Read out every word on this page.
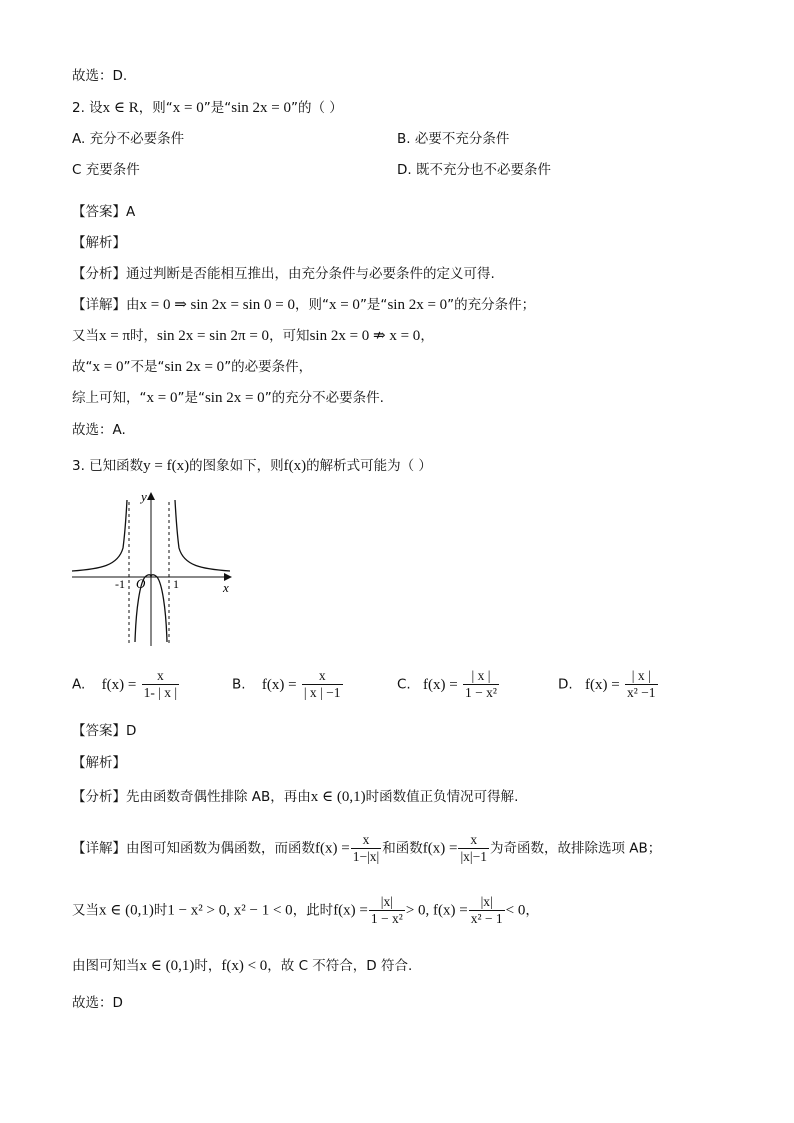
故选：D.
2. 设x ∈ R，则“x = 0”是“sin 2x = 0”的（ ）
A. 充分不必要条件	B. 必要不充分条件
C 充要条件	D. 既不充分也不必要条件
【答案】A
【解析】
【分析】通过判断是否能相互推出，由充分条件与必要条件的定义可得.
【详解】由x = 0 ⇒ sin 2x = sin 0 = 0，则“x = 0”是“sin 2x = 0”的充分条件；
又当x = π时，sin 2x = sin 2π = 0，可知sin 2x = 0 ⇏ x = 0，
故“x = 0”不是“sin 2x = 0”的必要条件，
综上可知，“x = 0”是“sin 2x = 0”的充分不必要条件.
故选：A.
3. 已知函数y = f(x)的图象如下，则f(x)的解析式可能为（ ）
y
x
O
-1	1
A. $f(x) = \frac{x}{1- | x |}$	B. $f(x) = \frac{x}{| x | -1}$	C. $f(x) = \frac{| x |}{\text{1 − x²}}$	D. $f(x) = \frac{| x |}{\text{x² −1}}$
【答案】D
【解析】
【分析】先由函数奇偶性排除 AB，再由x ∈ (0,1)时函数值正负情况可得解.
【详解】由图可知函数为偶函数，而函数$f(x) = \frac{x}{1-|x|}$ 和函数$f(x) = \frac{x}{|x|-1}$ 为奇函数，故排除选项 AB；
又当x ∈ (0,1)时1 − x² > 0, x² − 1 < 0，此时$f(x) = \frac{|x|}{\text{1 − x²}} > 0$, $f(x) = \frac{|x|}{\text{x² − 1}} < 0$，
由图可知当x ∈ (0,1)时，f(x) < 0，故 C 不符合，D 符合.
故选：D
